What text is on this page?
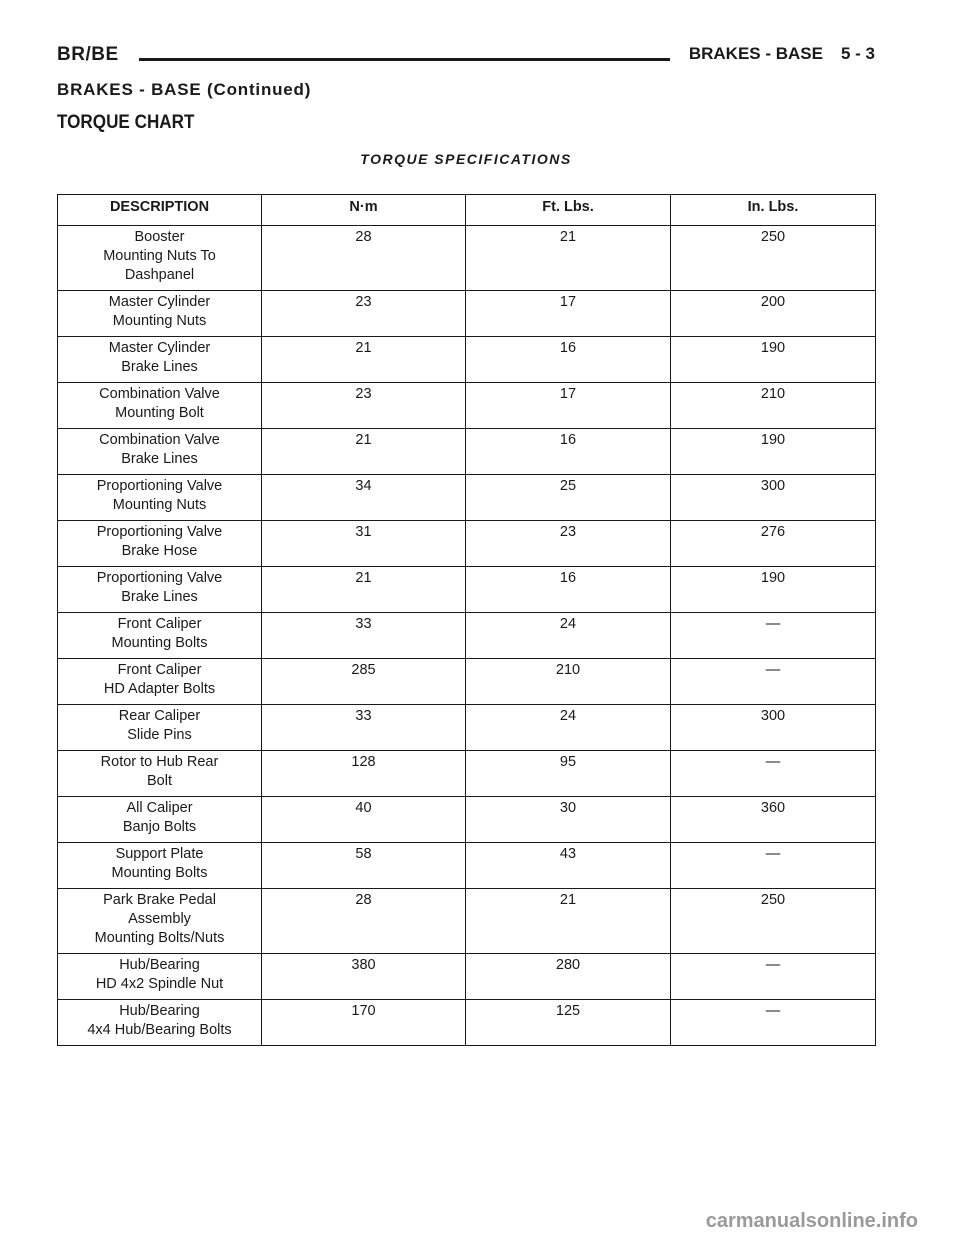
BR/BE	BRAKES - BASE 5 - 3
BRAKES - BASE (Continued)
TORQUE CHART
TORQUE SPECIFICATIONS
DESCRIPTION	N·m	Ft. Lbs.	In. Lbs.
Booster
Mounting Nuts To
Dashpanel	28	21	250
Master Cylinder
Mounting Nuts	23	17	200
Master Cylinder
Brake Lines	21	16	190
Combination Valve
Mounting Bolt	23	17	210
Combination Valve
Brake Lines	21	16	190
Proportioning Valve
Mounting Nuts	34	25	300
Proportioning Valve
Brake Hose	31	23	276
Proportioning Valve
Brake Lines	21	16	190
Front Caliper
Mounting Bolts	33	24	—
Front Caliper
HD Adapter Bolts	285	210	—
Rear Caliper
Slide Pins	33	24	300
Rotor to Hub Rear
Bolt	128	95	—
All Caliper
Banjo Bolts	40	30	360
Support Plate
Mounting Bolts	58	43	—
Park Brake Pedal
Assembly
Mounting Bolts/Nuts	28	21	250
Hub/Bearing
HD 4x2 Spindle Nut	380	280	—
Hub/Bearing
4x4 Hub/Bearing Bolts	170	125	—
carmanualsonline.info
